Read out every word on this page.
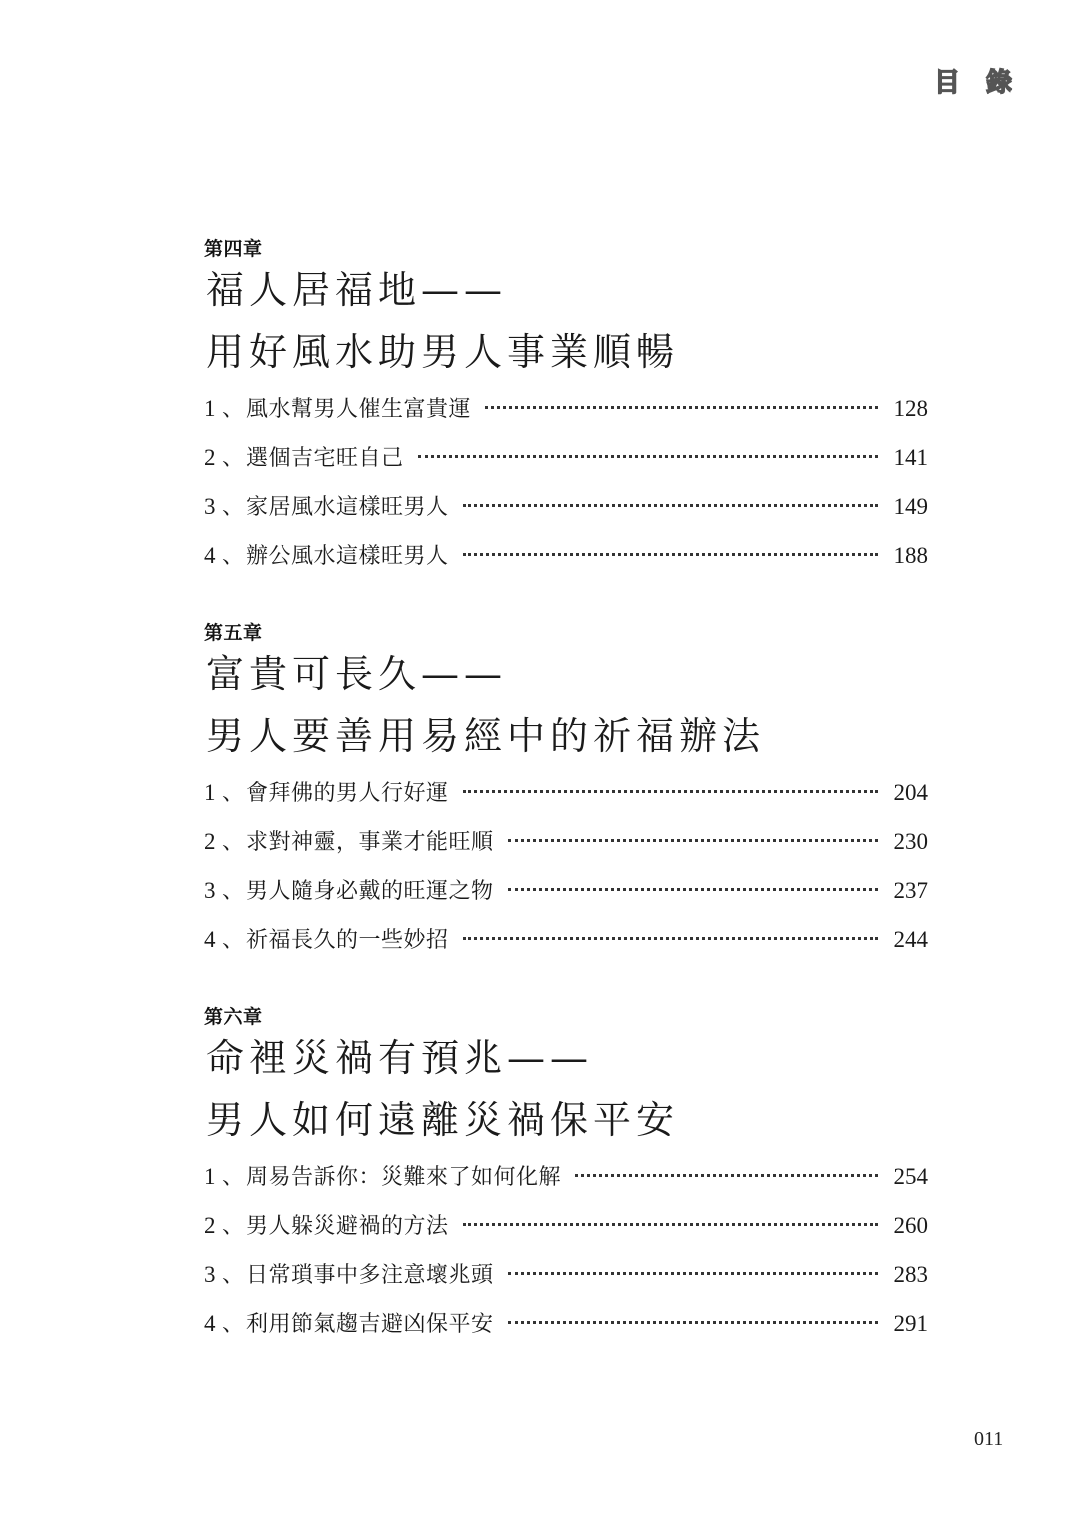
目 錄
第四章
福人居福地——
用好風水助男人事業順暢
1 、 風水幫男人催生富貴運	128
2 、 選個吉宅旺自己	141
3 、 家居風水這樣旺男人	149
4 、 辦公風水這樣旺男人	188
第五章
富貴可長久——
男人要善用易經中的祈福辦法
1 、 會拜佛的男人行好運	204
2 、 求對神靈，事業才能旺順	230
3 、 男人隨身必戴的旺運之物	237
4 、 祈福長久的一些妙招	244
第六章
命裡災禍有預兆——
男人如何遠離災禍保平安
1 、 周易告訴你：災難來了如何化解	254
2 、 男人躲災避禍的方法	260
3 、 日常瑣事中多注意壞兆頭	283
4 、 利用節氣趨吉避凶保平安	291
011
